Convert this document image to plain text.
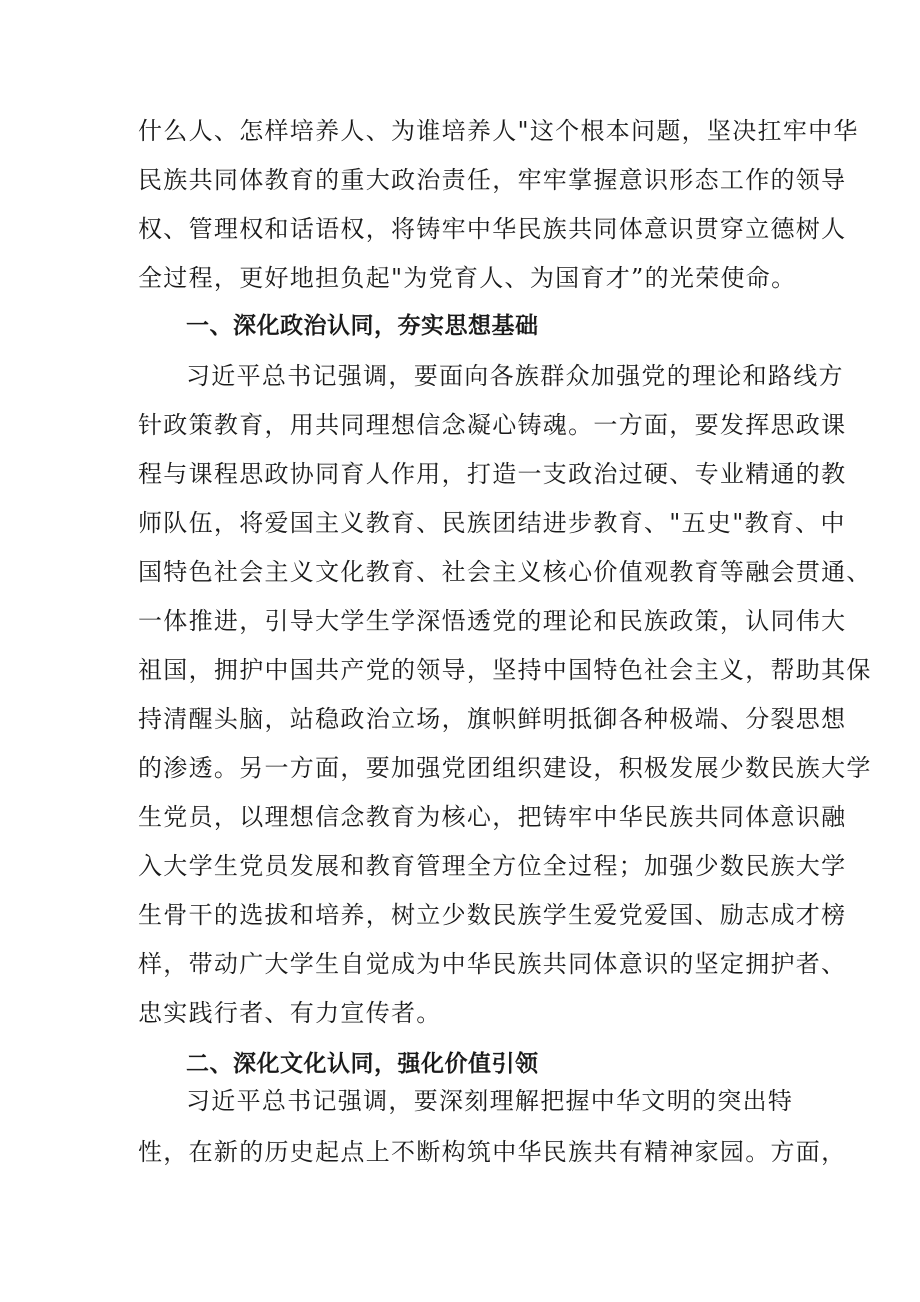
什么人、怎样培养人、为谁培养人"这个根本问题，坚决扛牢中华
民族共同体教育的重大政治责任，牢牢掌握意识形态工作的领导
权、管理权和话语权，将铸牢中华民族共同体意识贯穿立德树人
全过程，更好地担负起"为党育人、为国育才”的光荣使命。
一、深化政治认同，夯实思想基础
习近平总书记强调，要面向各族群众加强党的理论和路线方
针政策教育，用共同理想信念凝心铸魂。一方面，要发挥思政课
程与课程思政协同育人作用，打造一支政治过硬、专业精通的教
师队伍，将爱国主义教育、民族团结进步教育、"五史"教育、中
国特色社会主义文化教育、社会主义核心价值观教育等融会贯通、
一体推进，引导大学生学深悟透党的理论和民族政策，认同伟大
祖国，拥护中国共产党的领导，坚持中国特色社会主义，帮助其保
持清醒头脑，站稳政治立场，旗帜鲜明抵御各种极端、分裂思想
的渗透。另一方面，要加强党团组织建设，积极发展少数民族大学
生党员，以理想信念教育为核心，把铸牢中华民族共同体意识融
入大学生党员发展和教育管理全方位全过程；加强少数民族大学
生骨干的选拔和培养，树立少数民族学生爱党爱国、励志成才榜
样，带动广大学生自觉成为中华民族共同体意识的坚定拥护者、
忠实践行者、有力宣传者。
二、深化文化认同，强化价值引领
习近平总书记强调，要深刻理解把握中华文明的突出特
性，在新的历史起点上不断构筑中华民族共有精神家园。方面，
